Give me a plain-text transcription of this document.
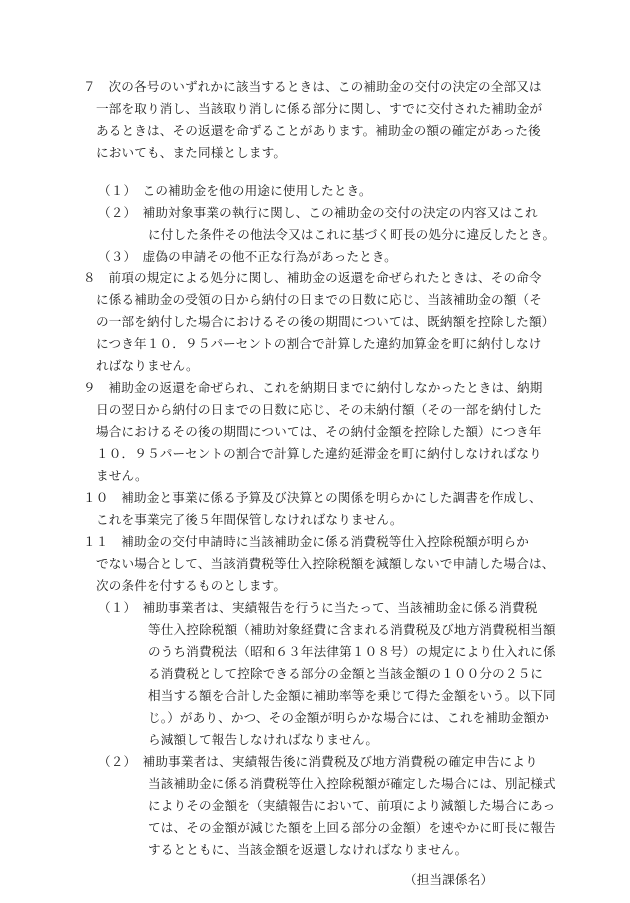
７　次の各号のいずれかに該当するときは、この補助金の交付の決定の全部又は
一部を取り消し、当該取り消しに係る部分に関し、すでに交付された補助金が
あるときは、その返還を命ずることがあります。補助金の額の確定があった後
においても、また同様とします。
（１）　この補助金を他の用途に使用したとき。
（２）　補助対象事業の執行に関し、この補助金の交付の決定の内容又はこれ
に付した条件その他法令又はこれに基づく町長の処分に違反したとき。
（３）　虚偽の申請その他不正な行為があったとき。
８　前項の規定による処分に関し、補助金の返還を命ぜられたときは、その命令
に係る補助金の受領の日から納付の日までの日数に応じ、当該補助金の額（そ
の一部を納付した場合におけるその後の期間については、既納額を控除した額）
につき年１０．９５パーセントの割合で計算した違約加算金を町に納付しなけ
ればなりません。
９　補助金の返還を命ぜられ、これを納期日までに納付しなかったときは、納期
日の翌日から納付の日までの日数に応じ、その未納付額（その一部を納付した
場合におけるその後の期間については、その納付金額を控除した額）につき年
１０．９５パーセントの割合で計算した違約延滞金を町に納付しなければなり
ません。
１０　補助金と事業に係る予算及び決算との関係を明らかにした調書を作成し、
これを事業完了後５年間保管しなければなりません。
１１　補助金の交付申請時に当該補助金に係る消費税等仕入控除税額が明らか
でない場合として、当該消費税等仕入控除税額を減額しないで申請した場合は、
次の条件を付するものとします。
（１）　補助事業者は、実績報告を行うに当たって、当該補助金に係る消費税
等仕入控除税額（補助対象経費に含まれる消費税及び地方消費税相当額
のうち消費税法（昭和６３年法律第１０８号）の規定により仕入れに係
る消費税として控除できる部分の金額と当該金額の１００分の２５に
相当する額を合計した金額に補助率等を乗じて得た金額をいう。以下同
じ。）があり、かつ、その金額が明らかな場合には、これを補助金額か
ら減額して報告しなければなりません。
（２）　補助事業者は、実績報告後に消費税及び地方消費税の確定申告により
当該補助金に係る消費税等仕入控除税額が確定した場合には、別記様式
によりその金額を（実績報告において、前項により減額した場合にあっ
ては、その金額が減じた額を上回る部分の金額）を速やかに町長に報告
するとともに、当該金額を返還しなければなりません。
（担当課係名）
